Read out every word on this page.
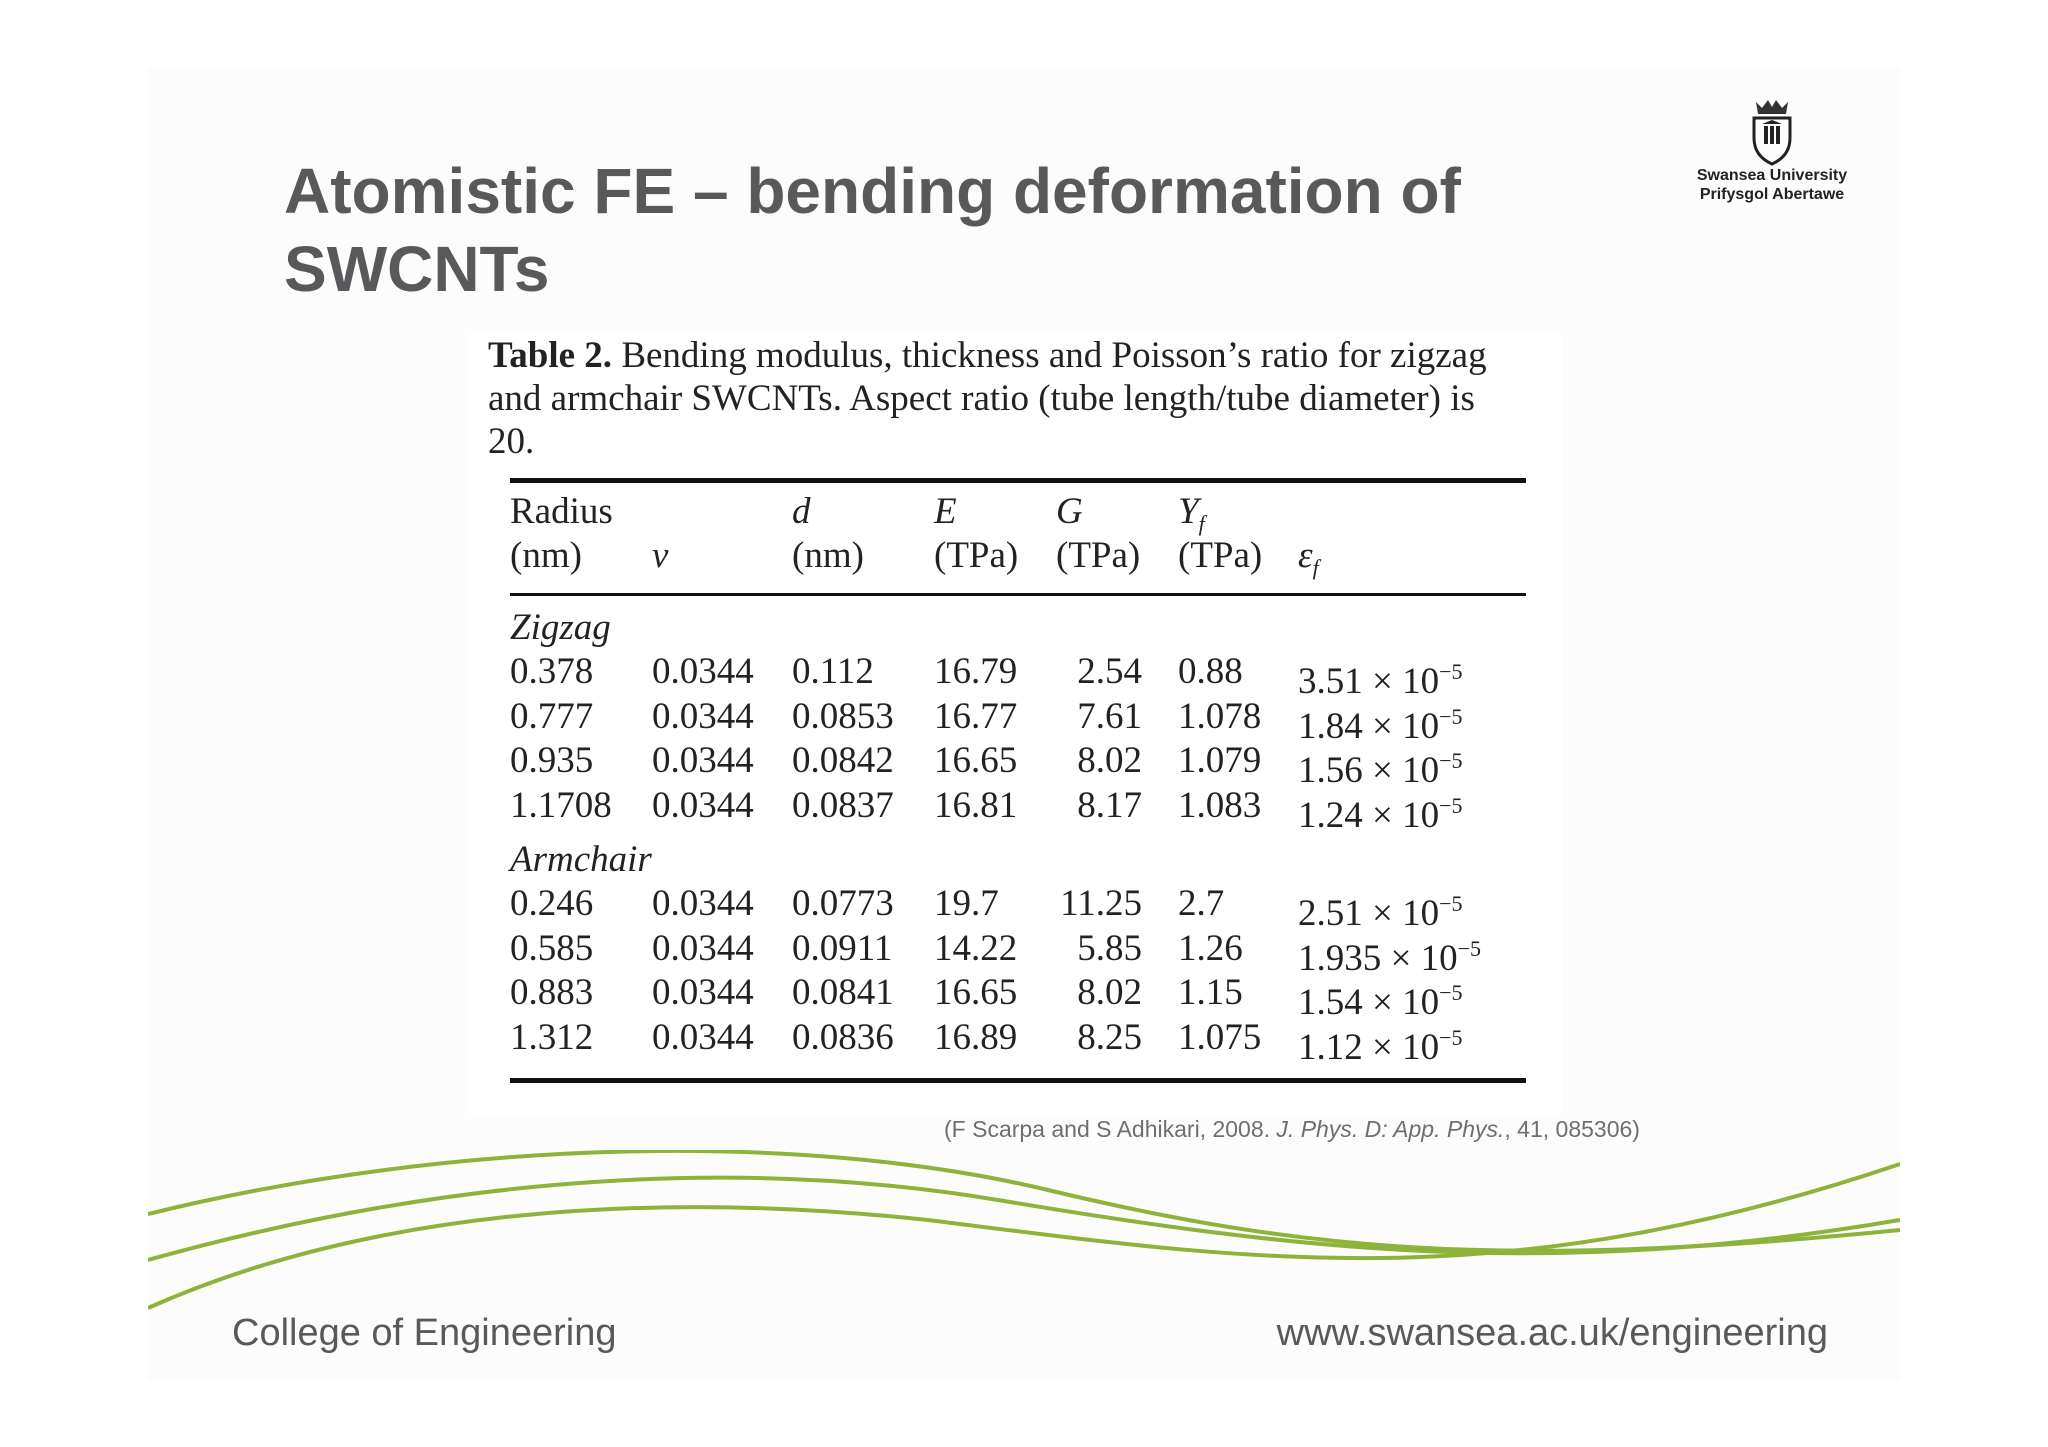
Atomistic FE – bending deformation of SWCNTs
Swansea University
Prifysgol Abertawe
Table 2. Bending modulus, thickness and Poisson’s ratio for zigzag and armchair SWCNTs. Aspect ratio (tube length/tube diameter) is 20.
Radius
(nm) ν
d
(nm)
E
(TPa)
G
(TPa)
$Y_f$
(TPa) $\varepsilon_f$
Zigzag
Armchair
0.378 0.0344 0.112 16.79 2.54 0.88 $3.51 \times 10^{-5}$
0.777 0.0344 0.0853 16.77 7.61 1.078 $1.84 \times 10^{-5}$
0.935 0.0344 0.0842 16.65 8.02 1.079 $1.56 \times 10^{-5}$
1.1708 0.0344 0.0837 16.81 8.17 1.083 $1.24 \times 10^{-5}$
0.246 0.0344 0.0773 19.7 11.25 2.7 $2.51 \times 10^{-5}$
0.585 0.0344 0.0911 14.22 5.85 1.26 $1.935 \times 10^{-5}$
0.883 0.0344 0.0841 16.65 8.02 1.15 $1.54 \times 10^{-5}$
1.312 0.0344 0.0836 16.89 8.25 1.075 $1.12 \times 10^{-5}$
(F Scarpa and S Adhikari, 2008. J. Phys. D: App. Phys., 41, 085306)
College of Engineering	www.swansea.ac.uk/engineering
